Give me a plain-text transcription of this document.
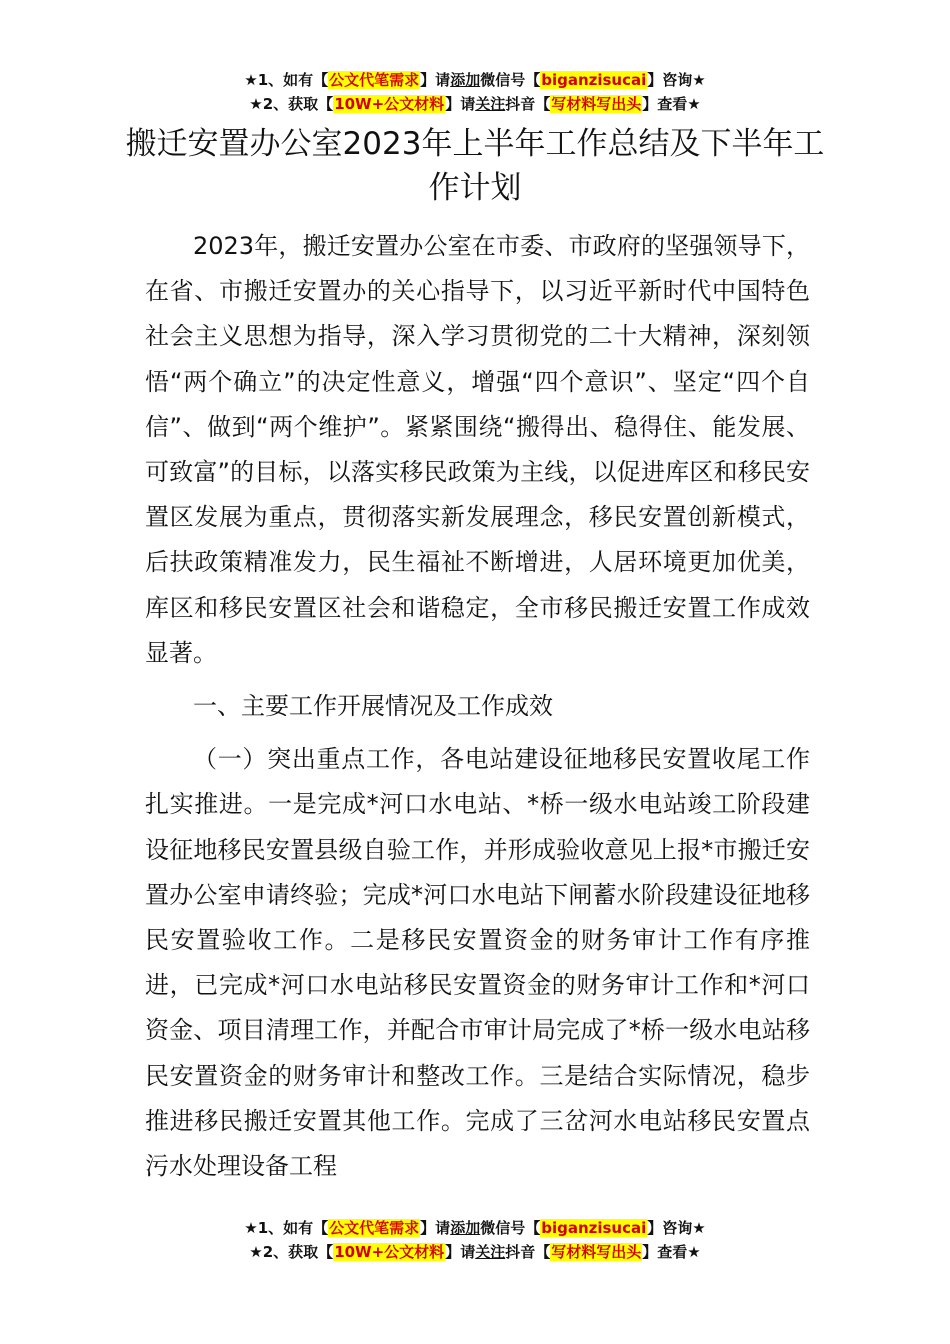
★1、如有【公文代笔需求】请添加微信号【biganzisucai】咨询★
★2、获取【10W+公文材料】请关注抖音【写材料写出头】查看★
搬迁安置办公室2023年上半年工作总结及下半年工作计划

2023年，搬迁安置办公室在市委、市政府的坚强领导下，在省、市搬迁安置办的关心指导下，以习近平新时代中国特色社会主义思想为指导，深入学习贯彻党的二十大精神，深刻领悟“两个确立”的决定性意义，增强“四个意识”、坚定“四个自信”、做到“两个维护”。紧紧围绕“搬得出、稳得住、能发展、可致富”的目标，以落实移民政策为主线，以促进库区和移民安置区发展为重点，贯彻落实新发展理念，移民安置创新模式，后扶政策精准发力，民生福祉不断增进，人居环境更加优美，库区和移民安置区社会和谐稳定，全市移民搬迁安置工作成效显著。

一、主要工作开展情况及工作成效

（一）突出重点工作，各电站建设征地移民安置收尾工作扎实推进。一是完成*河口水电站、*桥一级水电站竣工阶段建设征地移民安置县级自验工作，并形成验收意见上报*市搬迁安置办公室申请终验；完成*河口水电站下闸蓄水阶段建设征地移民安置验收工作。二是移民安置资金的财务审计工作有序推进，已完成*河口水电站移民安置资金的财务审计工作和*河口资金、项目清理工作，并配合市审计局完成了*桥一级水电站移民安置资金的财务审计和整改工作。三是结合实际情况，稳步推进移民搬迁安置其他工作。完成了三岔河水电站移民安置点污水处理设备工程

★1、如有【公文代笔需求】请添加微信号【biganzisucai】咨询★
★2、获取【10W+公文材料】请关注抖音【写材料写出头】查看★
